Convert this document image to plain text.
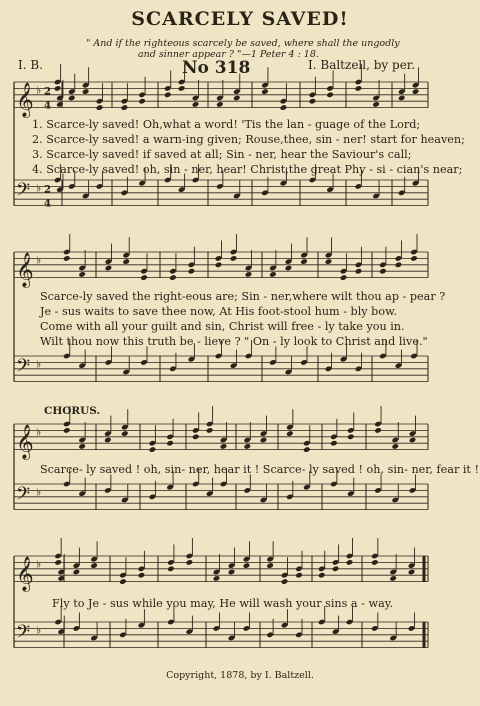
SCARCELY SAVED!
" And if the righteous scarcely be saved, where shall the ungodly
and sinner appear ? "—1 Peter 4 : 18.
I. B.	No 318	I. Baltzell, by per.
𝄞 ♭ 2
4
𝄢 ♭ 2
4
𝄞 ♭
𝄢 ♭
𝄞 ♭
𝄢 ♭
𝄞 ♭
𝄢 ♭
1. Scarce-ly saved! Oh,what a word! 'Tis the lan - guage of the Lord;
2. Scarce-ly saved! a warn-ing given; Rouse,thee, sin - ner! start for heaven;
3. Scarce-ly saved! if saved at all; Sin - ner, hear the Saviour's call;
4. Scarce-ly saved! oh, sin - ner, hear! Christ,the great Phy - si - cian's near;
Scarce-ly saved the right-eous are; Sin - ner,where wilt thou ap - pear ?
Je - sus waits to save thee now, At His foot-stool hum - bly bow.
Come with all your guilt and sin, Christ will free - ly take you in.
Wilt thou now this truth be - lieve ? " On - ly look to Christ and live."
CHORUS.
Scarce- ly saved ! oh, sin- ner, hear it ! Scarce- ly saved ! oh, sin- ner, fear it !
Fly to Je - sus while you may, He will wash your sins a - way.
Copyright, 1878, by I. Baltzell.
